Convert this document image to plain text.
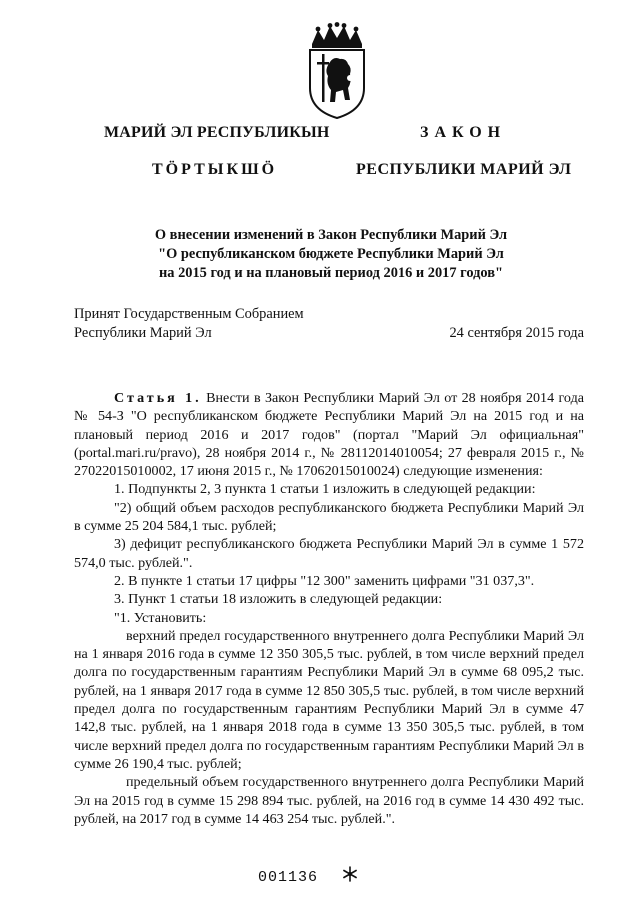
МАРИЙ ЭЛ РЕСПУБЛИКЫН
ТӦРТЫКШӦ
ЗАКОН
РЕСПУБЛИКИ МАРИЙ ЭЛ
О внесении изменений в Закон Республики Марий Эл
"О республиканском бюджете Республики Марий Эл
на 2015 год и на плановый период 2016 и 2017 годов"
Принят Государственным Собранием
Республики Марий Эл	24 сентября 2015 года

Статья 1. Внести в Закон Республики Марий Эл от 28 ноября 2014 года № 54-З "О республиканском бюджете Республики Марий Эл на 2015 год и на плановый период 2016 и 2017 годов" (портал "Марий Эл официальная" (portal.mari.ru/pravo), 28 ноября 2014 г., № 28112014010054; 27 февраля 2015 г., № 27022015010002, 17 июня 2015 г., № 17062015010024) следующие изменения:

1. Подпункты 2, 3 пункта 1 статьи 1 изложить в следующей редакции:

"2) общий объем расходов республиканского бюджета Республики Марий Эл в сумме 25 204 584,1 тыс. рублей;

3) дефицит республиканского бюджета Республики Марий Эл в сумме 1 572 574,0 тыс. рублей.".

2. В пункте 1 статьи 17 цифры "12 300" заменить цифрами "31 037,3".

3. Пункт 1 статьи 18 изложить в следующей редакции:

"1. Установить:

верхний предел государственного внутреннего долга Республики Марий Эл на 1 января 2016 года в сумме 12 350 305,5 тыс. рублей, в том числе верхний предел долга по государственным гарантиям Республики Марий Эл в сумме 68 095,2 тыс. рублей, на 1 января 2017 года в сумме 12 850 305,5 тыс. рублей, в том числе верхний предел долга по государственным гарантиям Республики Марий Эл в сумме 47 142,8 тыс. рублей, на 1 января 2018 года в сумме 13 350 305,5 тыс. рублей, в том числе верхний предел долга по государственным гарантиям Республики Марий Эл в сумме 26 190,4 тыс. рублей;

предельный объем государственного внутреннего долга Республики Марий Эл на 2015 год в сумме 15 298 894 тыс. рублей, на 2016 год в сумме 14 430 492 тыс. рублей, на 2017 год в сумме 14 463 254 тыс. рублей.".

001136
